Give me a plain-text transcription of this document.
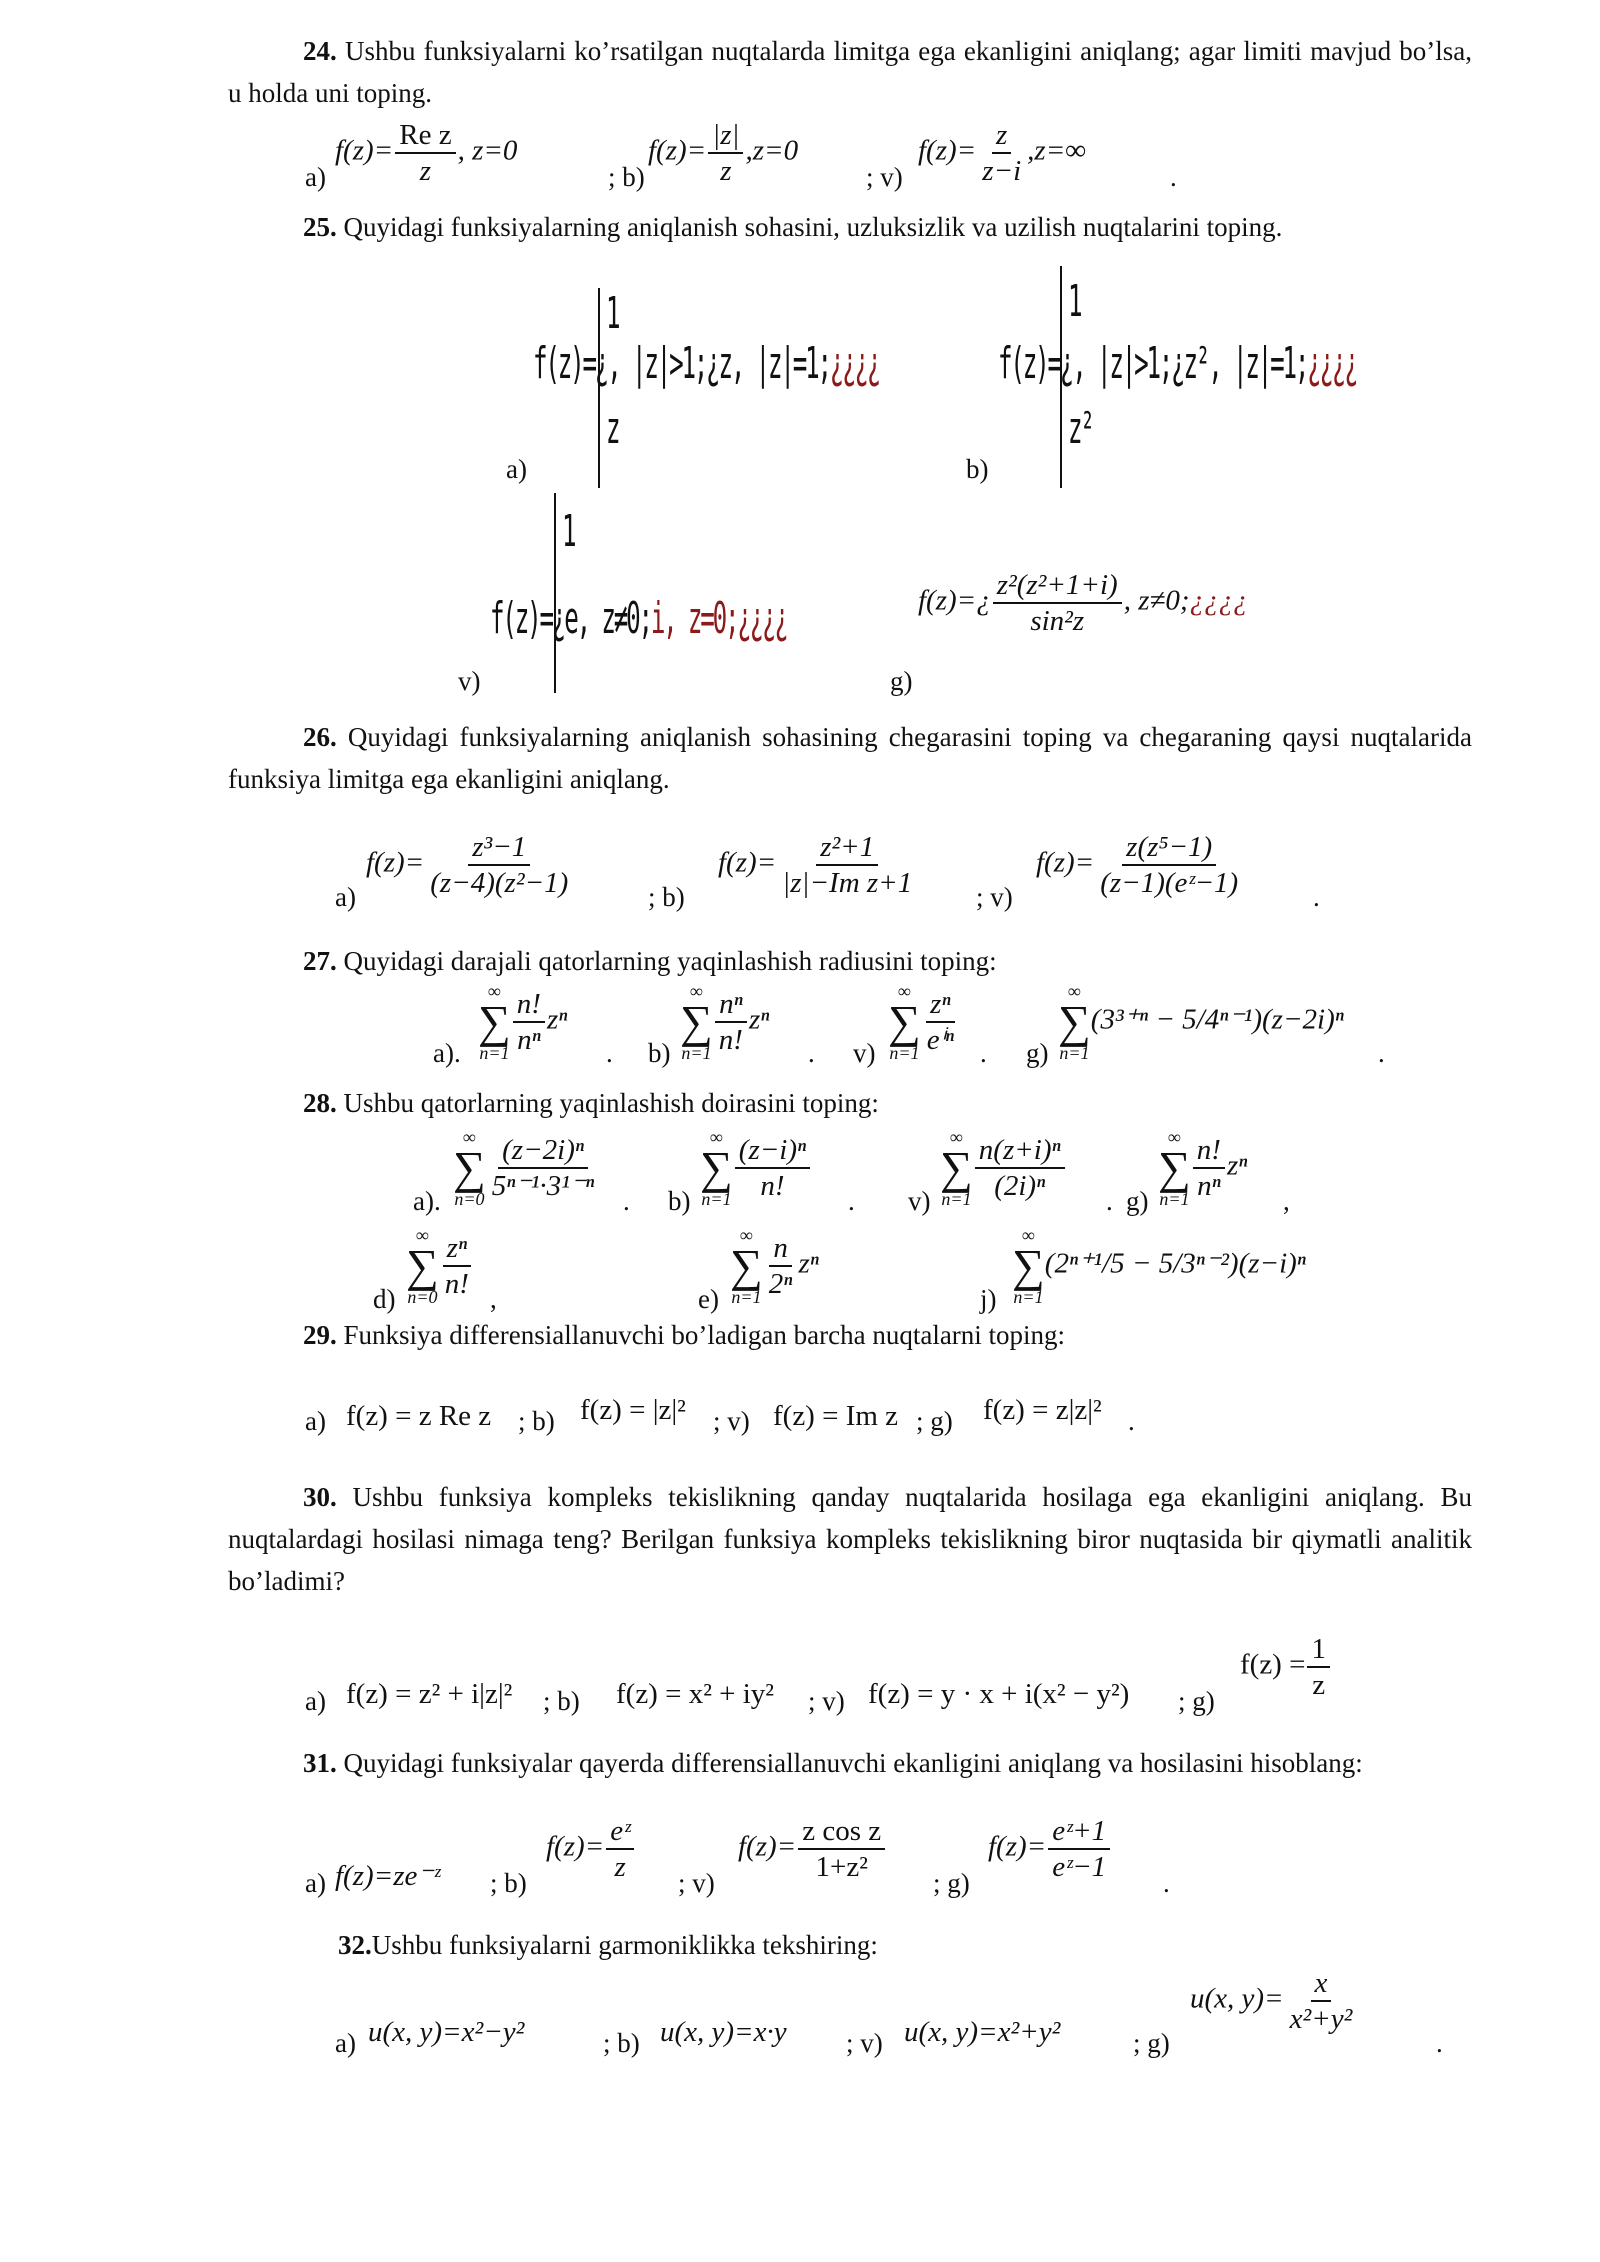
24. Ushbu funksiyalarni ko’rsatilgan nuqtalarda limitga ega ekanligini aniqlang; agar limiti mavjud bo’lsa, u holda uni toping.

a)
$f(z)= \frac{\text{Re z}}{z}$ , z=0
; b)
$f(z)= \frac{|z|}{z} ,z=0$
; v)
$f(z)= \frac{z}{z-i} ,z=\infty$
.

25. Quyidagi funksiyalarning aniqlanish sohasini, uzluksizlik va uzilish nuqtalarini toping.

f(z)=¿, |z|>1;¿z, |z|=1;¿¿¿¿
1
z
a)
f(z)=¿, |z|>1;¿z², |z|=1;¿¿¿¿
1
z²
b)
f(z)=¿e, z≠0;i, z=0;¿¿¿¿
1
v)
f(z)=¿ $\frac{\text{z²(z²+1+i)}}{\text{sin²z}}$ , z≠0;¿¿¿¿
g)

26. Quyidagi funksiyalarning aniqlanish sohasining chegarasini toping va chegaraning qaysi nuqtalarida funksiya limitga ega ekanligini aniqlang.

a)
$f(z)= \frac{\text{z³−1}}{\text{(z−4)(z²−1)}}$	; b)
$f(z)= \frac{\text{z²+1}}{\text{|z|−Im z+1}}$ ; v)
$f(z)= \frac{\text{z(z⁵−1)}}{\text{(z−1)(eᶻ−1)}}$	.

27. Quyidagi darajali qatorlarning yaqinlashish radiusini toping:

a).
∞
∑
$n=1 \frac{n!}{\text{nⁿ}}$ zⁿ
. b)
∞
∑
$n=1 \frac{\text{nⁿ}}{n!}$ zⁿ
. v)
∞
∑
$n=1 \frac{\text{zⁿ}}{\text{eⁱⁿ}}$ . g)
∞
∑
n=1
(3³⁺ⁿ − 5/4ⁿ⁻¹)(z−2i)ⁿ
.

28. Ushbu qatorlarning yaqinlashish doirasini toping:

a).
∞
∑
$n=0 \frac{\text{(z−2i)ⁿ}}{\text{5ⁿ⁻¹·3¹⁻ⁿ}}$ . b)
∞
∑
$n=1 \frac{\text{(z−i)ⁿ}}{n!}$ . v)
∞
∑
$n=1 \frac{\text{n(z+i)ⁿ}}{\text{(2i)ⁿ}}$ . g)
∞
∑
$n=1 \frac{n!}{\text{nⁿ}}$ zⁿ
,
d)
∞
∑
$n=0 \frac{\text{zⁿ}}{n!}$ ,	e)
∞
∑
$n=1 \frac{n}{\text{2ⁿ}}$ zⁿ
j)
∞
∑
n=1
(2ⁿ⁺¹/5 − 5/3ⁿ⁻²)(z−i)ⁿ

29. Funksiya differensiallanuvchi bo’ladigan barcha nuqtalarni toping:

a) f(z) = z Re z ; b) f(z) = |z|² ; v) f(z) = Im z ; g) f(z) = z|z|² .

30. Ushbu funksiya kompleks tekislikning qanday nuqtalarida hosilaga ega ekanligini aniqlang. Bu nuqtalardagi hosilasi nimaga teng? Berilgan funksiya kompleks tekislikning biror nuqtasida bir qiymatli analitik bo’ladimi?

a) f(z) = z² + i|z|² ; b) f(z) = x² + iy² ; v) f(z) = y · x + i(x² − y²) ; g)
$f(z) = \frac{1}{z}$

31. Quyidagi funksiyalar qayerda differensiallanuvchi ekanligini aniqlang va hosilasini hisoblang:

a) f(z)=ze⁻ᶻ ; b)
$f(z)= \frac{\text{eᶻ}}{z}$ ; v)
$f(z)= \frac{\text{z cos z}}{\text{1+z²}}$ ; g)
$f(z)= \frac{\text{eᶻ+1}}{\text{eᶻ−1}}$ .

32.Ushbu funksiyalarni garmoniklikka tekshiring:

a) u(x, y)=x²−y²	; b) u(x, y)=x·y ; v) u(x, y)=x²+y²	; g)
u(x, $y)= \frac{x}{\text{x²+y²}}$
.
